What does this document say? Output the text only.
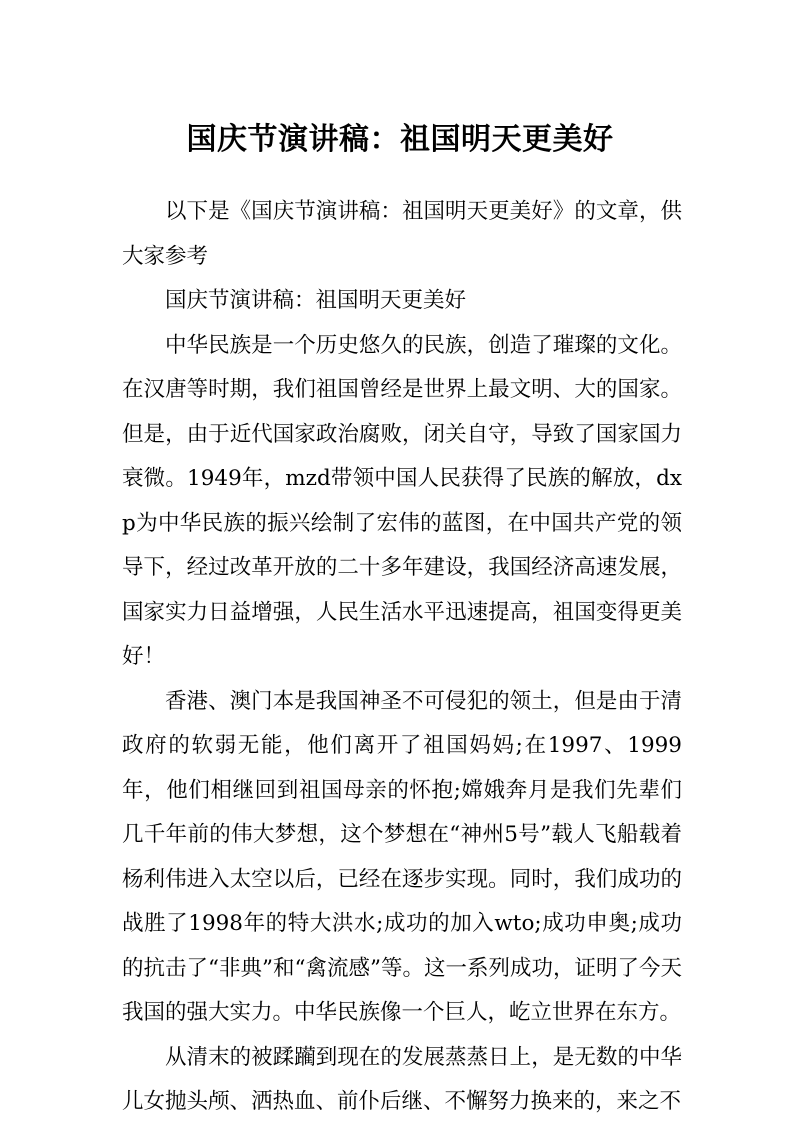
国庆节演讲稿：祖国明天更美好

以下是《国庆节演讲稿：祖国明天更美好》的文章，供大家参考

国庆节演讲稿：祖国明天更美好

中华民族是一个历史悠久的民族，创造了璀璨的文化。在汉唐等时期，我们祖国曾经是世界上最文明、大的国家。但是，由于近代国家政治腐败，闭关自守，导致了国家国力衰微。1949年，mzd带领中国人民获得了民族的解放，dxp为中华民族的振兴绘制了宏伟的蓝图，在中国共产党的领导下，经过改革开放的二十多年建设，我国经济高速发展，国家实力日益增强，人民生活水平迅速提高，祖国变得更美好！

香港、澳门本是我国神圣不可侵犯的领土，但是由于清政府的软弱无能，他们离开了祖国妈妈;在1997、1999年，他们相继回到祖国母亲的怀抱;嫦娥奔月是我们先辈们几千年前的伟大梦想，这个梦想在“神州5号”载人飞船载着杨利伟进入太空以后，已经在逐步实现。同时，我们成功的战胜了1998年的特大洪水;成功的加入wto;成功申奥;成功的抗击了“非典”和“禽流感”等。这一系列成功，证明了今天我国的强大实力。中华民族像一个巨人，屹立世界在东方。

从清末的被蹂躏到现在的发展蒸蒸日上，是无数的中华儿女抛头颅、洒热血、前仆后继、不懈努力换来的，来之不
